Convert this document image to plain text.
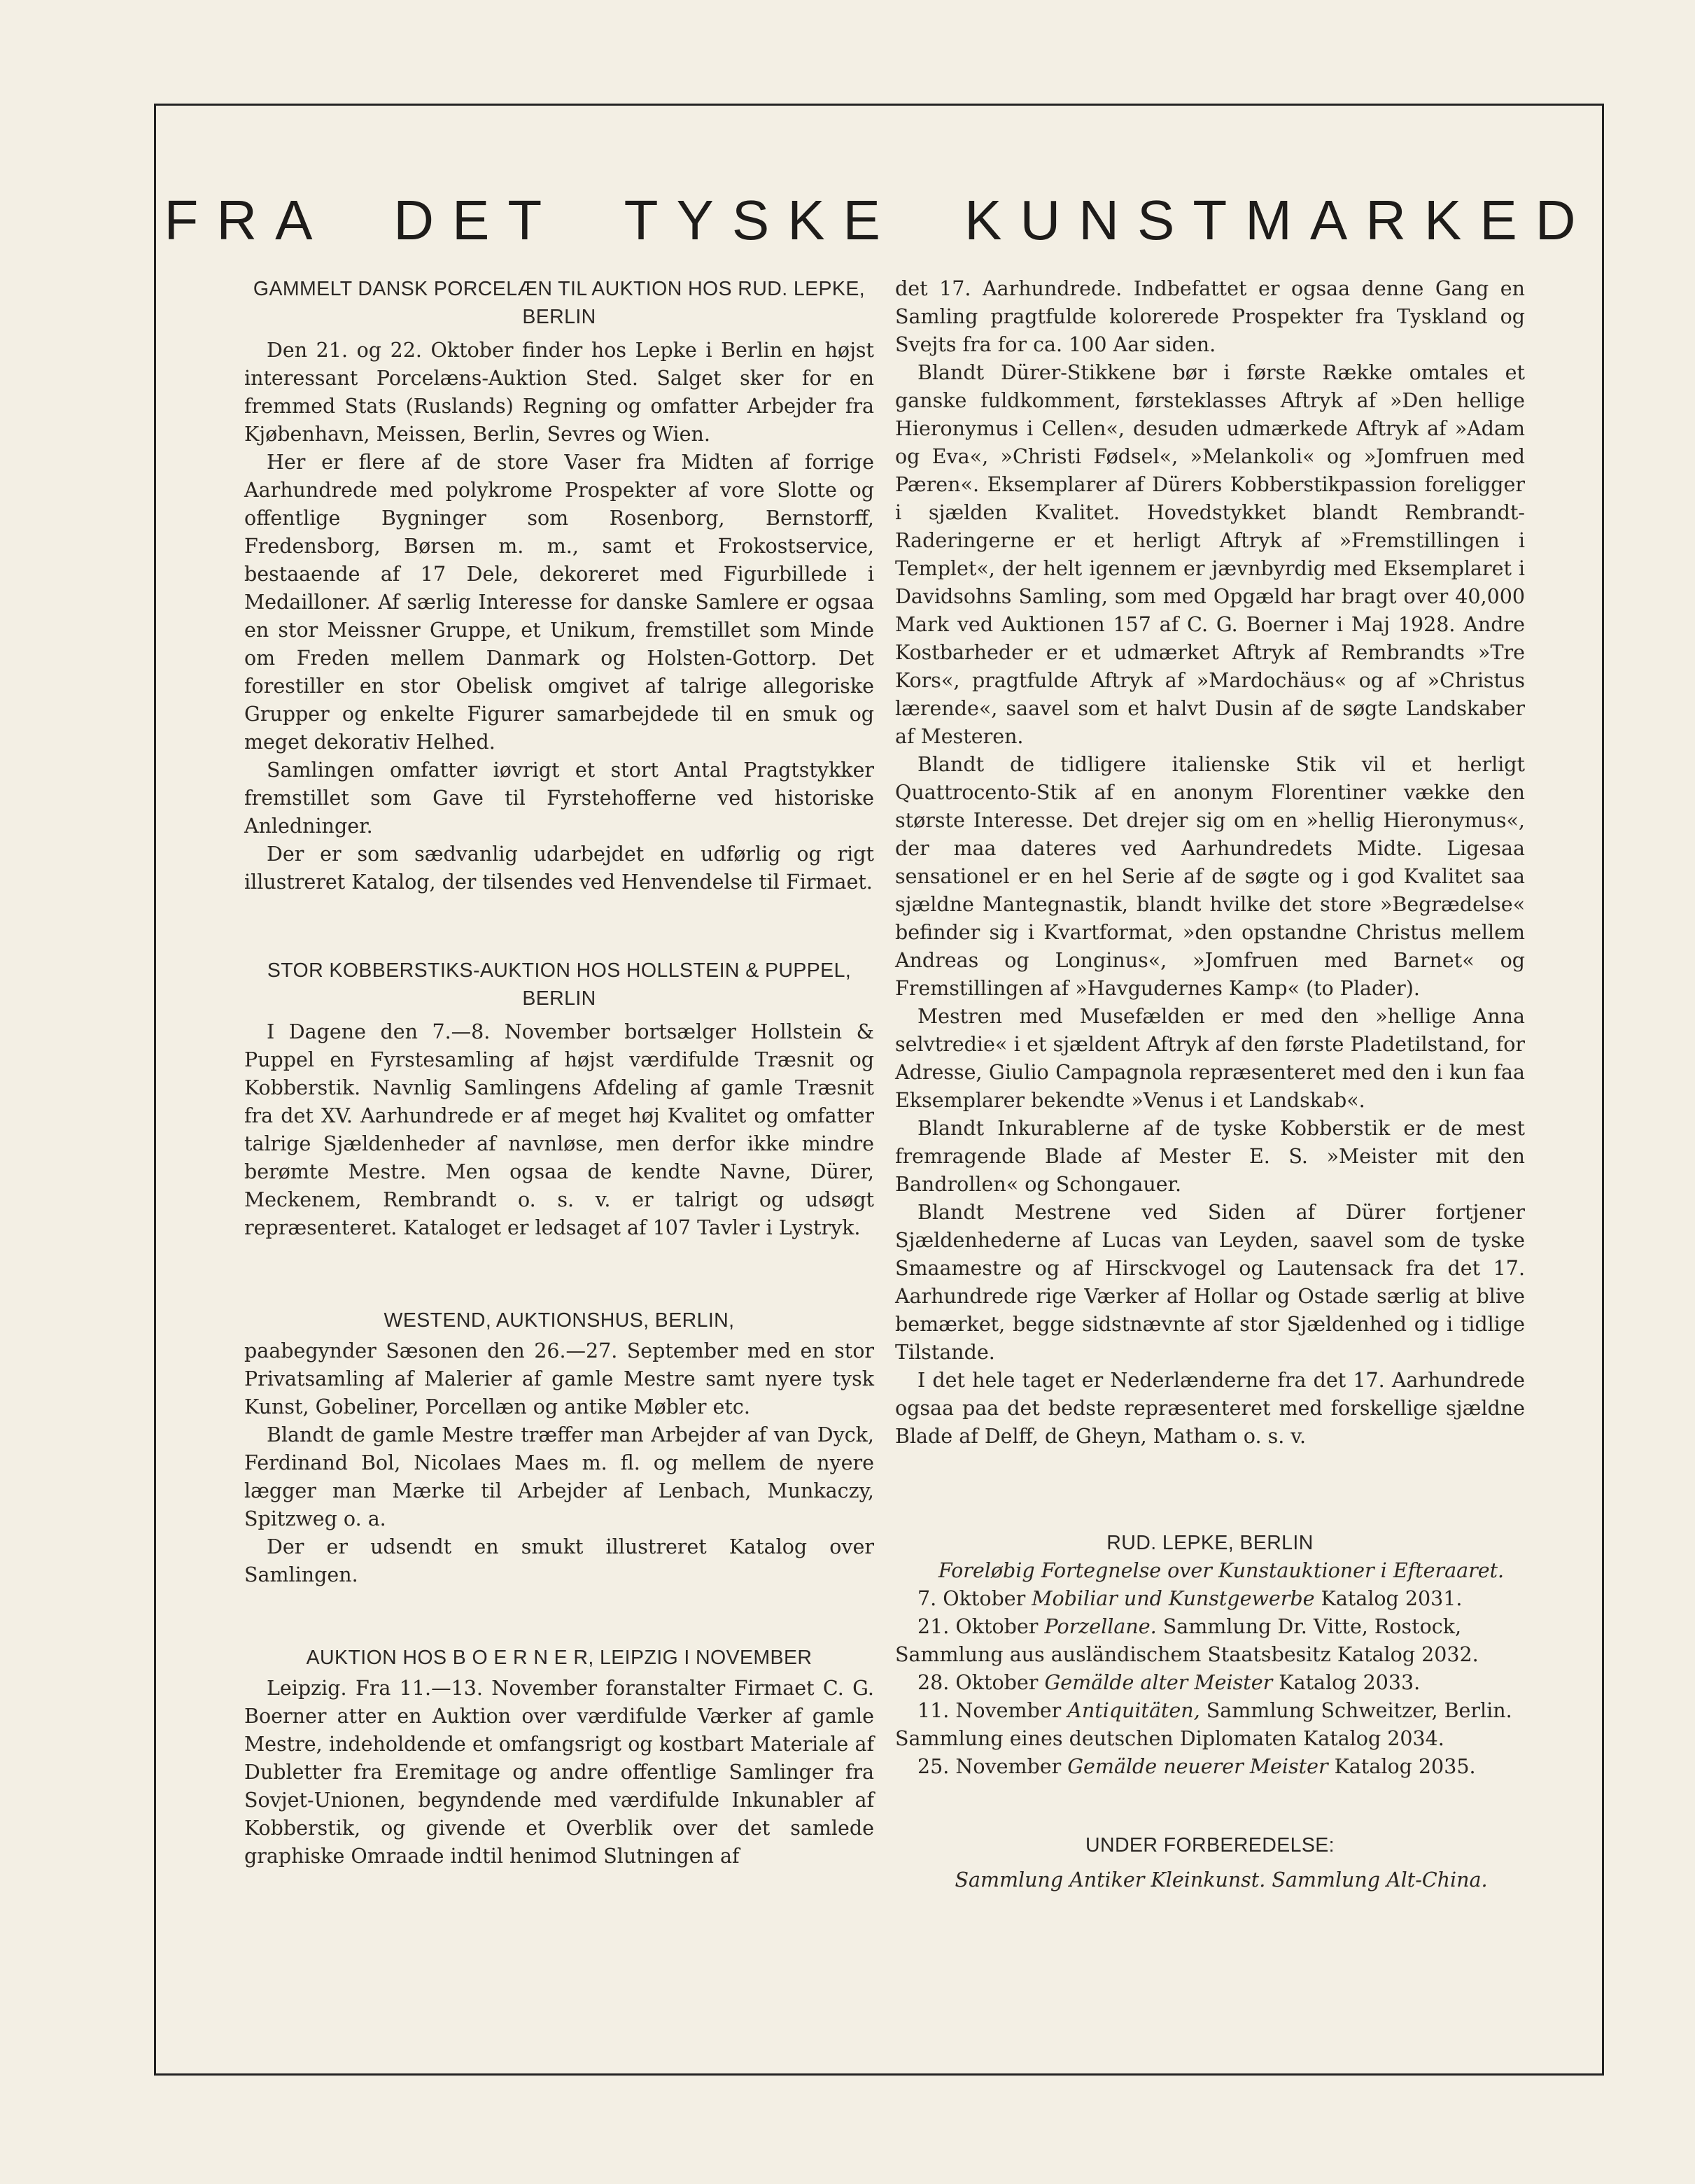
FRA DET TYSKE KUNSTMARKED
GAMMELT DANSK PORCELÆN TIL AUKTION HOS RUD. LEPKE, BERLIN

Den 21. og 22. Oktober finder hos Lepke i Berlin en højst interessant Porcelæns-Auktion Sted. Salget sker for en fremmed Stats (Ruslands) Regning og omfatter Arbejder fra Kjøbenhavn, Meissen, Berlin, Sevres og Wien.

Her er flere af de store Vaser fra Midten af forrige Aarhundrede med polykrome Prospekter af vore Slotte og offentlige Bygninger som Rosenborg, Bernstorff, Fredensborg, Børsen m. m., samt et Frokostservice, bestaaende af 17 Dele, dekoreret med Figurbillede i Medailloner. Af særlig Interesse for danske Samlere er ogsaa en stor Meissner Gruppe, et Unikum, fremstillet som Minde om Freden mellem Danmark og Holsten-Gottorp. Det forestiller en stor Obelisk omgivet af talrige allegoriske Grupper og enkelte Figurer samarbejdede til en smuk og meget dekorativ Helhed.

Samlingen omfatter iøvrigt et stort Antal Pragtstykker fremstillet som Gave til Fyrstehofferne ved historiske Anledninger.

Der er som sædvanlig udarbejdet en udførlig og rigt illustreret Katalog, der tilsendes ved Henvendelse til Firmaet.

STOR KOBBERSTIKS-AUKTION HOS HOLLSTEIN & PUPPEL, BERLIN

I Dagene den 7.—8. November bortsælger Hollstein & Puppel en Fyrstesamling af højst værdifulde Træsnit og Kobberstik. Navnlig Samlingens Afdeling af gamle Træsnit fra det XV. Aarhundrede er af meget høj Kvalitet og omfatter talrige Sjældenheder af navnløse, men derfor ikke mindre berømte Mestre. Men ogsaa de kendte Navne, Dürer, Meckenem, Rembrandt o. s. v. er talrigt og udsøgt repræsenteret. Kataloget er ledsaget af 107 Tavler i Lystryk.

WESTEND, AUKTIONSHUS, BERLIN,

paabegynder Sæsonen den 26.—27. September med en stor Privatsamling af Malerier af gamle Mestre samt nyere tysk Kunst, Gobeliner, Porcellæn og antike Møbler etc.

Blandt de gamle Mestre træffer man Arbejder af van Dyck, Ferdinand Bol, Nicolaes Maes m. fl. og mellem de nyere lægger man Mærke til Arbejder af Lenbach, Munkaczy, Spitzweg o. a.

Der er udsendt en smukt illustreret Katalog over Samlingen.

AUKTION HOS B O E R N E R, LEIPZIG I NOVEMBER

Leipzig. Fra 11.—13. November foranstalter Firmaet C. G. Boerner atter en Auktion over værdifulde Værker af gamle Mestre, indeholdende et omfangsrigt og kostbart Materiale af Dubletter fra Eremitage og andre offentlige Samlinger fra Sovjet-Unionen, begyndende med værdifulde Inkunabler af Kobberstik, og givende et Overblik over det samlede graphiske Omraade indtil henimod Slutningen af

det 17. Aarhundrede. Indbefattet er ogsaa denne Gang en Samling pragtfulde kolorerede Prospekter fra Tyskland og Svejts fra for ca. 100 Aar siden.

Blandt Dürer-Stikkene bør i første Række omtales et ganske fuldkomment, førsteklasses Aftryk af »Den hellige Hieronymus i Cellen«, desuden udmærkede Aftryk af »Adam og Eva«, »Christi Fødsel«, »Melankoli« og »Jomfruen med Pæren«. Eksemplarer af Dürers Kobberstikpassion foreligger i sjælden Kvalitet. Hovedstykket blandt Rembrandt-Raderingerne er et herligt Aftryk af »Fremstillingen i Templet«, der helt igennem er jævnbyrdig med Eksemplaret i Davidsohns Samling, som med Opgæld har bragt over 40,000 Mark ved Auktionen 157 af C. G. Boerner i Maj 1928. Andre Kostbarheder er et udmærket Aftryk af Rembrandts »Tre Kors«, pragtfulde Aftryk af »Mardochäus« og af »Christus lærende«, saavel som et halvt Dusin af de søgte Landskaber af Mesteren.

Blandt de tidligere italienske Stik vil et herligt Quattrocento-Stik af en anonym Florentiner vække den største Interesse. Det drejer sig om en »hellig Hieronymus«, der maa dateres ved Aarhundredets Midte. Ligesaa sensationel er en hel Serie af de søgte og i god Kvalitet saa sjældne Mantegnastik, blandt hvilke det store »Begrædelse« befinder sig i Kvartformat, »den opstandne Christus mellem Andreas og Longinus«, »Jomfruen med Barnet« og Fremstillingen af »Havgudernes Kamp« (to Plader).

Mestren med Musefælden er med den »hellige Anna selvtredie« i et sjældent Aftryk af den første Pladetilstand, for Adresse, Giulio Campagnola repræsenteret med den i kun faa Eksemplarer bekendte »Venus i et Landskab«.

Blandt Inkurablerne af de tyske Kobberstik er de mest fremragende Blade af Mester E. S. »Meister mit den Bandrollen« og Schongauer.

Blandt Mestrene ved Siden af Dürer fortjener Sjældenhederne af Lucas van Leyden, saavel som de tyske Smaamestre og af Hirsckvogel og Lautensack fra det 17. Aarhundrede rige Værker af Hollar og Ostade særlig at blive bemærket, begge sidstnævnte af stor Sjældenhed og i tidlige Tilstande.

I det hele taget er Nederlænderne fra det 17. Aarhundrede ogsaa paa det bedste repræsenteret med forskellige sjældne Blade af Delff, de Gheyn, Matham o. s. v.

RUD. LEPKE, BERLIN

Foreløbig Fortegnelse over Kunstauktioner i Efteraaret.

7. Oktober Mobiliar und Kunstgewerbe Katalog 2031.

21. Oktober Porzellane. Sammlung Dr. Vitte, Rostock, Sammlung aus ausländischem Staatsbesitz Katalog 2032.

28. Oktober Gemälde alter Meister Katalog 2033.

11. November Antiquitäten, Sammlung Schweitzer, Berlin. Sammlung eines deutschen Diplomaten Katalog 2034.

25. November Gemälde neuerer Meister Katalog 2035.

UNDER FORBEREDELSE:

Sammlung Antiker Kleinkunst. Sammlung Alt-China.
